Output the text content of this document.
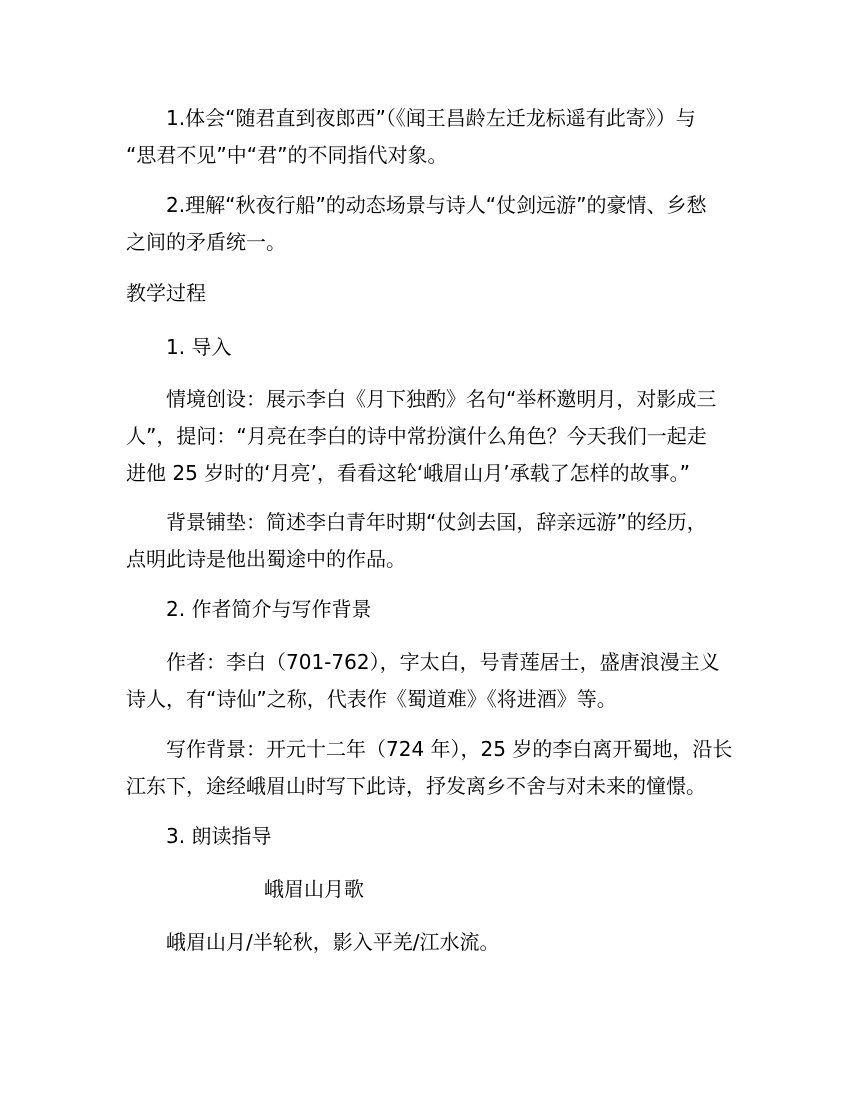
1.体会“随君直到夜郎西”（《闻王昌龄左迁龙标遥有此寄》）与
“思君不见”中“君”的不同指代对象。

2.理解“秋夜行船”的动态场景与诗人“仗剑远游”的豪情、乡愁
之间的矛盾统一。

教学过程

1. 导入

情境创设：展示李白《月下独酌》名句“举杯邀明月，对影成三
人”，提问：“月亮在李白的诗中常扮演什么角色？今天我们一起走
进他 25 岁时的‘月亮’，看看这轮‘峨眉山月’承载了怎样的故事。”

背景铺垫：简述李白青年时期“仗剑去国，辞亲远游”的经历，
点明此诗是他出蜀途中的作品。

2. 作者简介与写作背景

作者：李白（701-762），字太白，号青莲居士，盛唐浪漫主义
诗人，有“诗仙”之称，代表作《蜀道难》《将进酒》等。

写作背景：开元十二年（724 年），25 岁的李白离开蜀地，沿长
江东下，途经峨眉山时写下此诗，抒发离乡不舍与对未来的憧憬。

3. 朗读指导

峨眉山月歌

峨眉山月/半轮秋，影入平羌/江水流。
